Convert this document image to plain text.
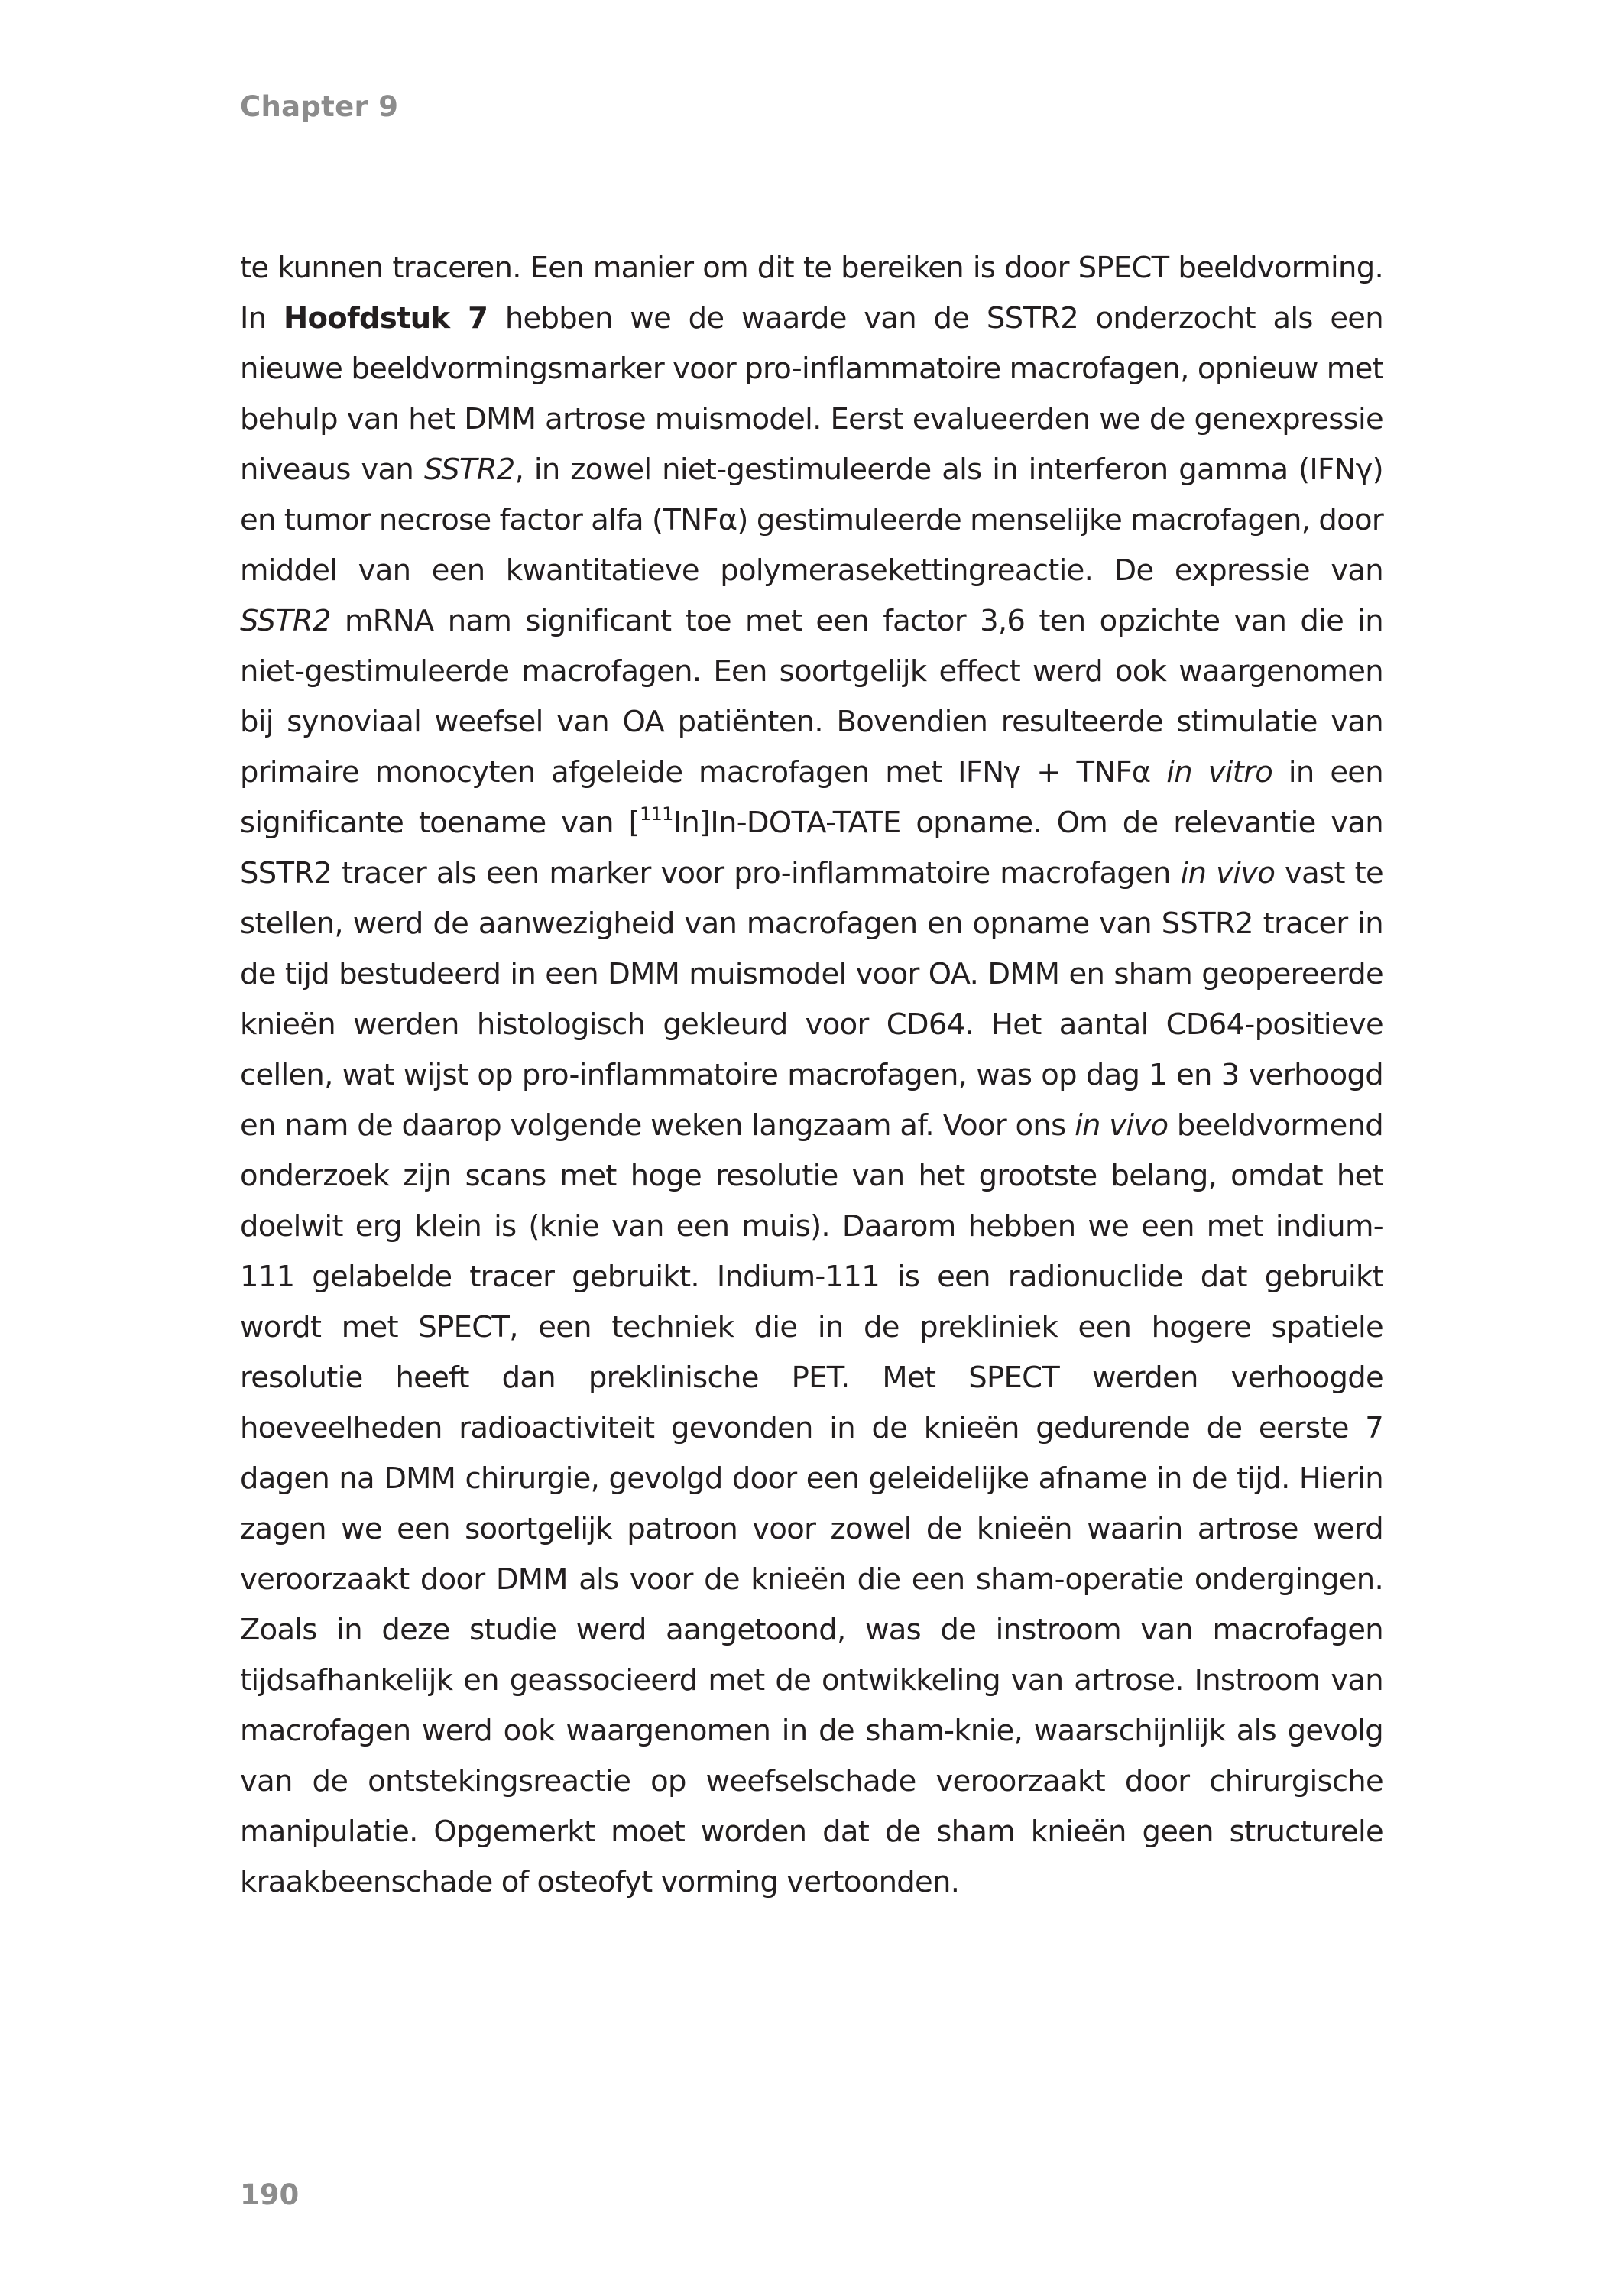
Chapter 9

te kunnen traceren. Een manier om dit te bereiken is door SPECT beeldvorming. In Hoofdstuk 7 hebben we de waarde van de SSTR2 onderzocht als een nieuwe beeldvormingsmarker voor pro-inflammatoire macrofagen, opnieuw met behulp van het DMM artrose muismodel. Eerst evalueerden we de genexpressie niveaus van SSTR2, in zowel niet-gestimuleerde als in interferon gamma (IFNγ) en tumor necrose factor alfa (TNFα) gestimuleerde menselijke macrofagen, door middel van een kwantitatieve polymerasekettingreactie. De expressie van SSTR2 mRNA nam significant toe met een factor 3,6 ten opzichte van die in niet-gestimuleerde macrofagen. Een soortgelijk effect werd ook waargenomen bij synoviaal weefsel van OA patiënten. Bovendien resulteerde stimulatie van primaire monocyten afgeleide macrofagen met IFNγ + TNFα in vitro in een significante toename van [$^{111}$In]In-DOTA-TATE opname. Om de relevantie van SSTR2 tracer als een marker voor pro-inflammatoire macrofagen in vivo vast te stellen, werd de aanwezigheid van macrofagen en opname van SSTR2 tracer in de tijd bestudeerd in een DMM muismodel voor OA. DMM en sham geopereerde knieën werden histologisch gekleurd voor CD64. Het aantal CD64-positieve cellen, wat wijst op pro-inflammatoire macrofagen, was op dag 1 en 3 verhoogd en nam de daarop volgende weken langzaam af. Voor ons in vivo beeldvormend onderzoek zijn scans met hoge resolutie van het grootste belang, omdat het doelwit erg klein is (knie van een muis). Daarom hebben we een met indium-111 gelabelde tracer gebruikt. Indium-111 is een radionuclide dat gebruikt wordt met SPECT, een techniek die in de prekliniek een hogere spatiele resolutie heeft dan preklinische PET. Met SPECT werden verhoogde hoeveelheden radioactiviteit gevonden in de knieën gedurende de eerste 7 dagen na DMM chirurgie, gevolgd door een geleidelijke afname in de tijd. Hierin zagen we een soortgelijk patroon voor zowel de knieën waarin artrose werd veroorzaakt door DMM als voor de knieën die een sham-operatie ondergingen. Zoals in deze studie werd aangetoond, was de instroom van macrofagen tijdsafhankelijk en geassocieerd met de ontwikkeling van artrose. Instroom van macrofagen werd ook waargenomen in de sham-knie, waarschijnlijk als gevolg van de ontstekingsreactie op weefselschade veroorzaakt door chirurgische manipulatie. Opgemerkt moet worden dat de sham knieën geen structurele kraakbeenschade of osteofyt vorming vertoonden.

190
